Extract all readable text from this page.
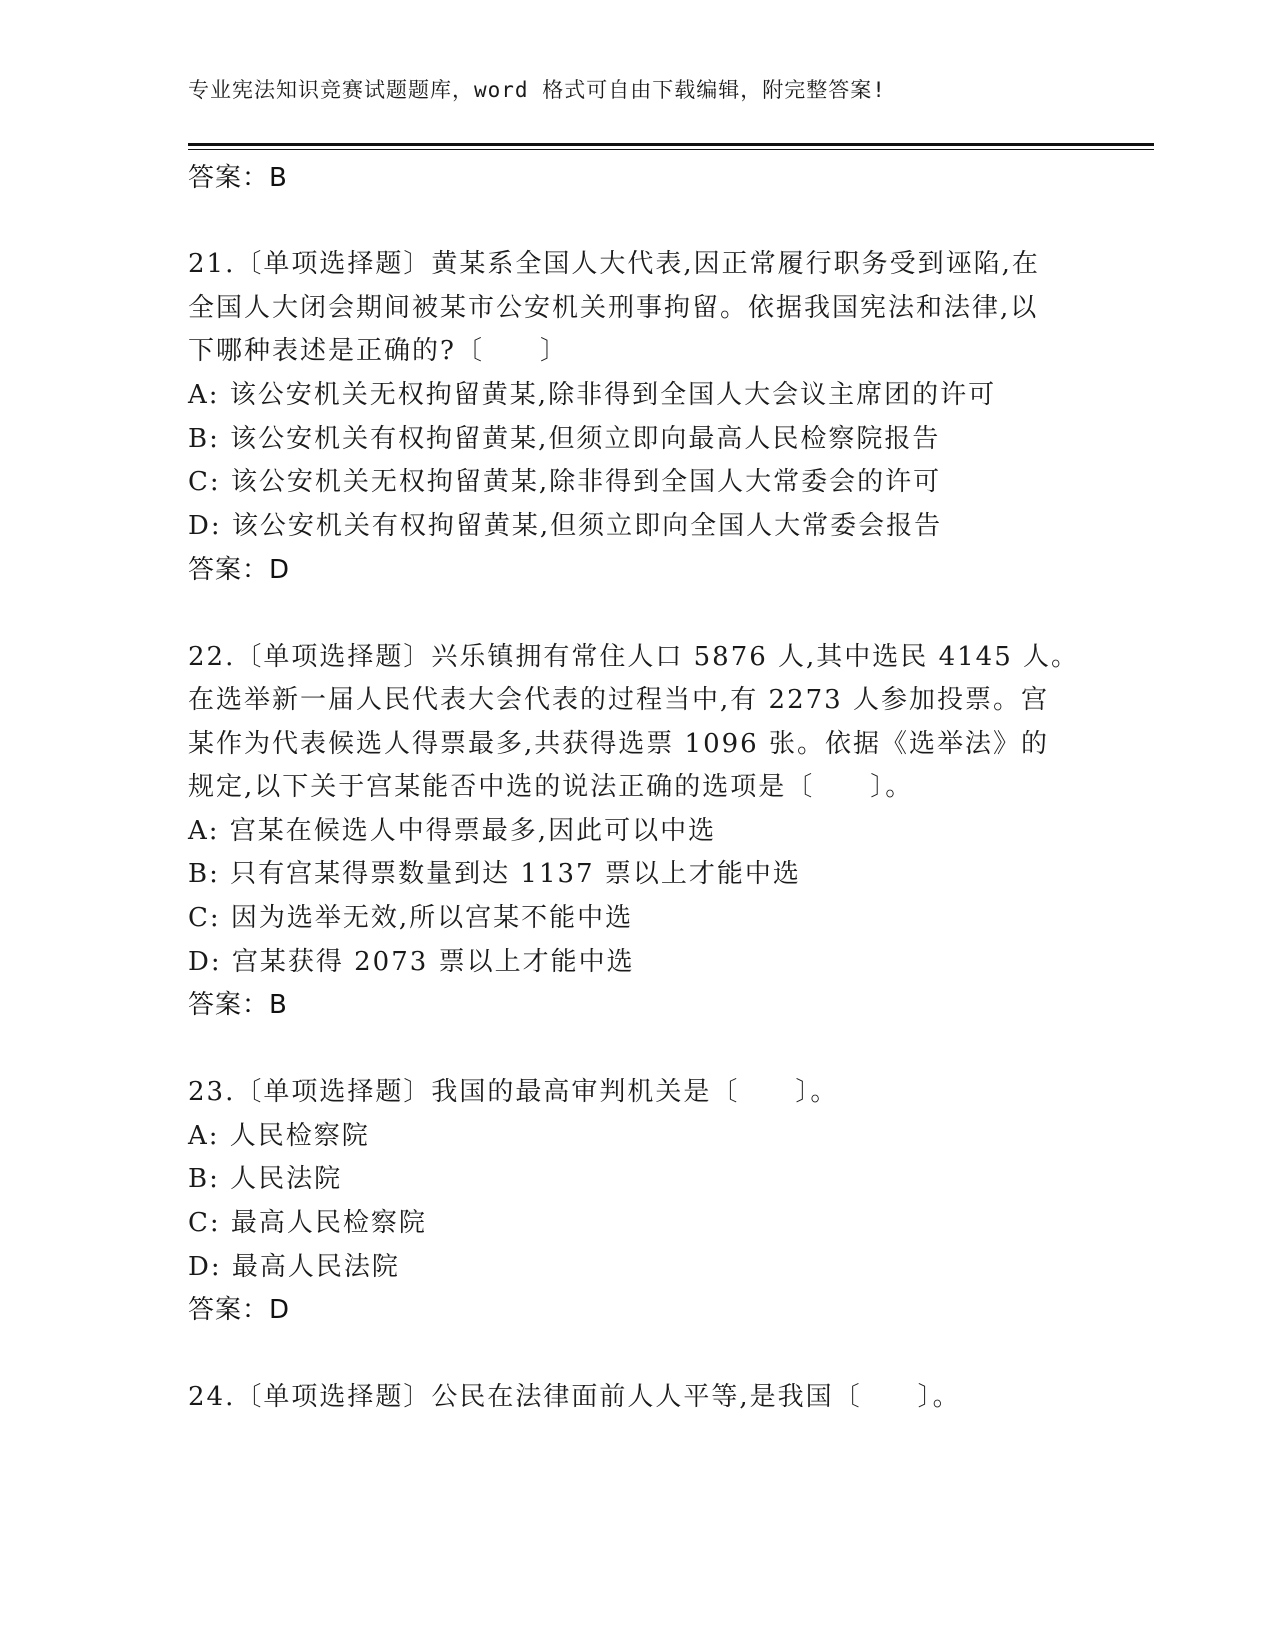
专业宪法知识竞赛试题题库，word 格式可自由下载编辑，附完整答案!
答案：B
21.〔单项选择题〕黄某系全国人大代表,因正常履行职务受到诬陷,在
全国人大闭会期间被某市公安机关刑事拘留。依据我国宪法和法律,以
下哪种表述是正确的?〔　　〕
A: 该公安机关无权拘留黄某,除非得到全国人大会议主席团的许可
B: 该公安机关有权拘留黄某,但须立即向最高人民检察院报告
C: 该公安机关无权拘留黄某,除非得到全国人大常委会的许可
D: 该公安机关有权拘留黄某,但须立即向全国人大常委会报告
答案：D
22.〔单项选择题〕兴乐镇拥有常住人口 5876 人,其中选民 4145 人。
在选举新一届人民代表大会代表的过程当中,有 2273 人参加投票。宫
某作为代表候选人得票最多,共获得选票 1096 张。依据《选举法》的
规定,以下关于宫某能否中选的说法正确的选项是〔　　〕。
A: 宫某在候选人中得票最多,因此可以中选
B: 只有宫某得票数量到达 1137 票以上才能中选
C: 因为选举无效,所以宫某不能中选
D: 宫某获得 2073 票以上才能中选
答案：B
23.〔单项选择题〕我国的最高审判机关是〔　　〕。
A: 人民检察院
B: 人民法院
C: 最高人民检察院
D: 最高人民法院
答案：D
24.〔单项选择题〕公民在法律面前人人平等,是我国〔　　〕。
